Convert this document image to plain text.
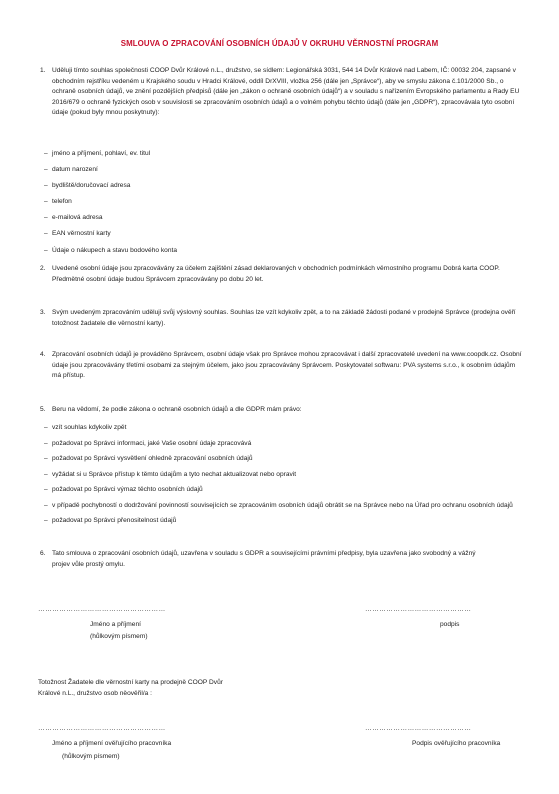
SMLOUVA O ZPRACOVÁNÍ OSOBNÍCH ÚDAJŮ V OKRUHU VĚRNOSTNÍ PROGRAM
1. Uděluji tímto souhlas společnosti COOP Dvůr Králové n.L., družstvo, se sídlem: Legionářská 3031, 544 14 Dvůr Králové nad Labem, IČ: 00032 204, zapsané v obchodním rejstříku vedeném u Krajského soudu v Hradci Králové, oddíl DrXVIII, vložka 256 (dále jen „Správce“), aby ve smyslu zákona č.101/2000 Sb., o ochraně osobních údajů, ve znění pozdějších předpisů (dále jen „zákon o ochraně osobních údajů“) a v souladu s nařízením Evropského parlamentu a Rady EU 2016/679 o ochraně fyzických osob v souvislosti se zpracováním osobních údajů a o volném pohybu těchto údajů (dále jen „GDPR“), zpracovávala tyto osobní údaje (pokud byly mnou poskytnuty):

– jméno a příjmení, pohlaví, ev. titul
– datum narození
– bydliště/doručovací adresa
– telefon
– e-mailová adresa
– EAN věrnostní karty
– Údaje o nákupech a stavu bodového konta
2. Uvedené osobní údaje jsou zpracovávány za účelem zajištění zásad deklarovaných v obchodních podmínkách věrnostního programu Dobrá karta COOP. Předmětné osobní údaje budou Správcem zpracovávány po dobu 20 let.

3. Svým uvedeným zpracováním uděluji svůj výslovný souhlas. Souhlas lze vzít kdykoliv zpět, a to na základě žádosti podané v prodejně Správce (prodejna ověří totožnost žadatele dle věrnostní karty).

4. Zpracování osobních údajů je prováděno Správcem, osobní údaje však pro Správce mohou zpracovávat i další zpracovatelé uvedení na www.coopdk.cz. Osobní údaje jsou zpracovávány třetími osobami za stejným účelem, jako jsou zpracovávány Správcem. Poskytovatel softwaru: PVA systems s.r.o., k osobním údajům má přístup.

5. Beru na vědomí, že podle zákona o ochraně osobních údajů a dle GDPR mám právo:

– vzít souhlas kdykoliv zpět
– požadovat po Správci informaci, jaké Vaše osobní údaje zpracovává
– požadovat po Správci vysvětlení ohledně zpracování osobních údajů
– vyžádat si u Správce přístup k těmto údajům a tyto nechat aktualizovat nebo opravit
– požadovat po Správci výmaz těchto osobních údajů
– v případě pochybností o dodržování povinností souvisejících se zpracováním osobních údajů obrátit se na Správce nebo na Úřad pro ochranu osobních údajů
– požadovat po Správci přenositelnost údajů
6. Tato smlouva o zpracování osobních údajů, uzavřena v souladu s GDPR a souvisejícími právními předpisy, byla uzavřena jako svobodný a vážný projev vůle prostý omylu.

………………………………………………	………………………………………
Jméno a příjmení
(hůlkovým písmem)
podpis

Totožnost Žadatele dle věrnostní karty na prodejně COOP Dvůr Králové n.L., družstvo osob něověřil/a :

………………………………………………	………………………………………
Jméno a příjmení ověřujícího pracovníka
(hůlkovým písmem)
Podpis ověřujícího pracovníka
